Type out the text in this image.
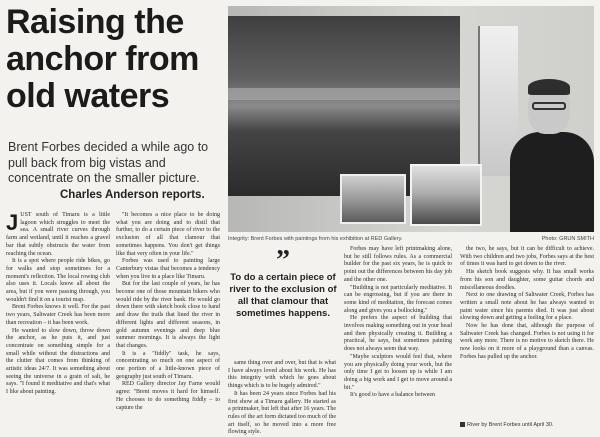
Raising the anchor from old waters
Brent Forbes decided a while ago to pull back from big vistas and concentrate on the smaller picture.
Charles Anderson reports.
Integrity: Brent Forbes with paintings from his exhibition at RED Gallery.	Photo: GRUN SMITH

JUST south of Timaru is a little lagoon which struggles to meet the sea. A small river curves through farm and wetland, until it reaches a gravel bar that subtly obstructs the water from reaching the ocean.

It is a spot where people ride bikes, go for walks and stop sometimes for a moment's reflection. The local rowing club also uses it. Locals know all about the area, but if you were passing through, you wouldn't find it on a tourist map.

Brent Forbes knows it well. For the past two years, Saltwater Creek has been more than recreation – it has been work.

He wanted to slow down, throw down the anchor, as he puts it, and just concentrate on something simple for a small while without the distractions and the clutter that comes from thinking of artistic ideas 24/7. It was something about seeing the universe in a grain of salt, he says. "I found it meditative and that's what I like about painting.

"It becomes a nice place to be doing what you are doing and to distil that further, to do a certain piece of river to the exclusion of all that clamour that sometimes happens. You don't get things like that very often in your life."

Forbes was used to painting large Canterbury vistas that becomes a tendency when you live in a place like Timaru.

But for the last couple of years, he has become one of those mountain bikers who would ride by the river bank. He would go down there with sketch book close to hand and draw the trails that lined the river in different lights and different seasons, in gold autumn evenings and deep blue summer mornings. It is always the light that changes.

It is a "fiddly" task, he says, concentrating so much on one aspect of one portion of a little-known piece of geography just south of Timaru.

RED Gallery director Jay Farne would agree: "Brent moves it hard for himself. He chooses to do something fiddly – to capture the

”
To do a certain piece of river to the exclusion of all that clamour that sometimes happens.

same thing over and over, but that is what I have always loved about his work. He has this integrity with which he goes about things which is to be hugely admired."

It has been 24 years since Forbes had his first show at a Timaru gallery. He started as a printmaker, but left that after 16 years. The rules of the art form dictated too much of the art itself, so he moved into a more free flowing style.

Forbes may have left printmaking alone, but he still follows rules. As a commercial builder for the past six years, he is quick to point out the differences between his day job and the other one.

"Building is not particularly meditative. It can be engrossing, but if you are there in some kind of meditation, the forecast comes along and gives you a bollocking."

He prefers the aspect of building that involves making something out in your head and then physically creating it. Building a practical, he says, but sometimes painting does not always seem that way.

"Maybe sculptors would feel that, where you are physically doing your work, but the only time I get to loosen up is while I am doing a big work and I get to move around a bit."

It's good to have a balance between

the two, he says, but it can be difficult to achieve. With two children and two jobs, Forbes says at the best of times it was hard to get down to the river.

His sketch book suggests why. It has small works from his son and daughter, some guitar chords and miscellaneous doodles.

Next to one drawing of Saltwater Creek, Forbes has written a small note about he has always wanted to paint water since his parents died. It was just about slowing down and getting a feeling for a place.

Now he has done that, although the purpose of Saltwater Creek has changed. Forbes is not using it for work any more. There is no motive to sketch there. He now looks on it more of a playground than a canvas. Forbes has pulled up the anchor.

River by Brent Forbes until April 30.
